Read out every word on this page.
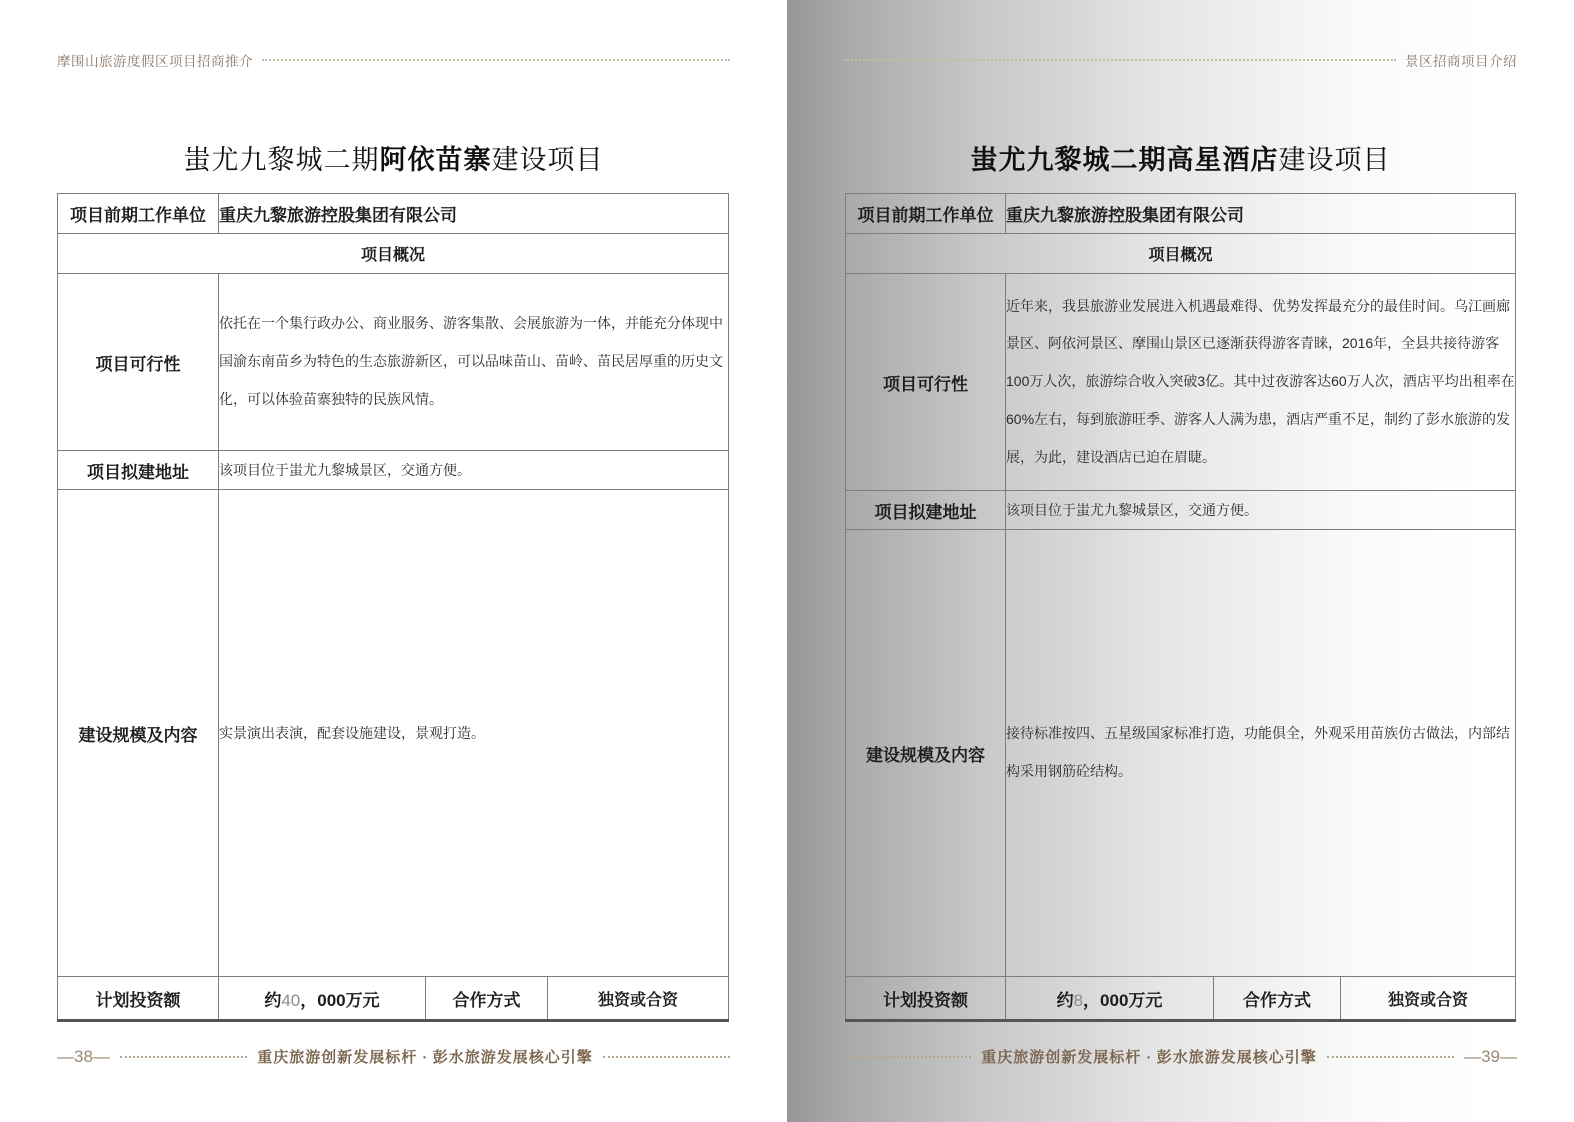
摩围山旅游度假区项目招商推介
蚩尤九黎城二期阿依苗寨建设项目
项目前期工作单位	重庆九黎旅游控股集团有限公司		
项目概况			
项目可行性	依托在一个集行政办公、商业服务、游客集散、会展旅游为一体，并能充分体现中国渝东南苗乡为特色的生态旅游新区，可以品味苗山、苗岭、苗民居厚重的历史文化，可以体验苗寨独特的民族风情。		
项目拟建地址	该项目位于蚩尤九黎城景区，交通方便。		
建设规模及内容	实景演出表演，配套设施建设，景观打造。		
计划投资额	约40，000万元	合作方式	独资或合资
—38—	重庆旅游创新发展标杆 · 彭水旅游发展核心引擎
景区招商项目介绍
蚩尤九黎城二期高星酒店建设项目
项目前期工作单位	重庆九黎旅游控股集团有限公司		
项目概况			
项目可行性	近年来，我县旅游业发展进入机遇最难得、优势发挥最充分的最佳时间。乌江画廊景区、阿依河景区、摩围山景区已逐渐获得游客青睐，2016年，全县共接待游客100万人次，旅游综合收入突破3亿。其中过夜游客达60万人次，酒店平均出租率在60%左右，每到旅游旺季、游客人人满为患，酒店严重不足，制约了彭水旅游的发展，为此，建设酒店已迫在眉睫。		
项目拟建地址	该项目位于蚩尤九黎城景区，交通方便。		
建设规模及内容	接待标准按四、五星级国家标准打造，功能俱全，外观采用苗族仿古做法，内部结构采用钢筋砼结构。		
计划投资额	约8，000万元	合作方式	独资或合资
重庆旅游创新发展标杆 · 彭水旅游发展核心引擎	—39—
